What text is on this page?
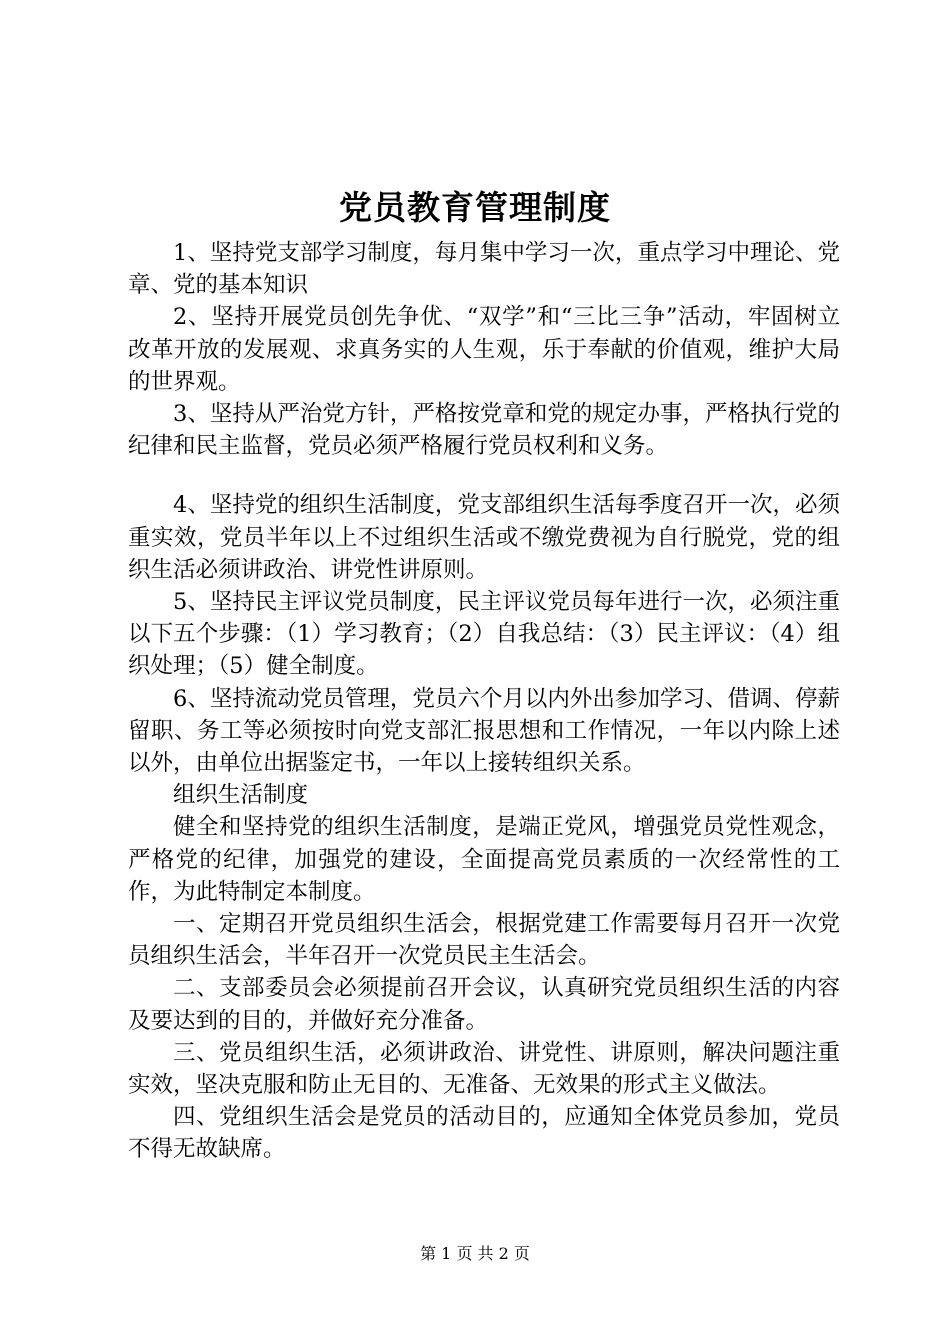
党员教育管理制度

1、坚持党支部学习制度，每月集中学习一次，重点学习中理论、党章、党的基本知识

2、坚持开展党员创先争优、“双学”和“三比三争”活动，牢固树立改革开放的发展观、求真务实的人生观，乐于奉献的价值观，维护大局的世界观。

3、坚持从严治党方针，严格按党章和党的规定办事，严格执行党的纪律和民主监督，党员必须严格履行党员权利和义务。

4、坚持党的组织生活制度，党支部组织生活每季度召开一次，必须重实效，党员半年以上不过组织生活或不缴党费视为自行脱党，党的组织生活必须讲政治、讲党性讲原则。

5、坚持民主评议党员制度，民主评议党员每年进行一次，必须注重以下五个步骤：（1）学习教育；（2）自我总结：（3）民主评议：（4）组织处理；（5）健全制度。

6、坚持流动党员管理，党员六个月以内外出参加学习、借调、停薪留职、务工等必须按时向党支部汇报思想和工作情况，一年以内除上述以外，由单位出据鉴定书，一年以上接转组织关系。

组织生活制度

健全和坚持党的组织生活制度，是端正党风，增强党员党性观念，严格党的纪律，加强党的建设，全面提高党员素质的一次经常性的工作，为此特制定本制度。

一、定期召开党员组织生活会，根据党建工作需要每月召开一次党员组织生活会，半年召开一次党员民主生活会。

二、支部委员会必须提前召开会议，认真研究党员组织生活的内容及要达到的目的，并做好充分准备。

三、党员组织生活，必须讲政治、讲党性、讲原则，解决问题注重实效，坚决克服和防止无目的、无准备、无效果的形式主义做法。

四、党组织生活会是党员的活动目的，应通知全体党员参加，党员不得无故缺席。

第 1 页 共 2 页
